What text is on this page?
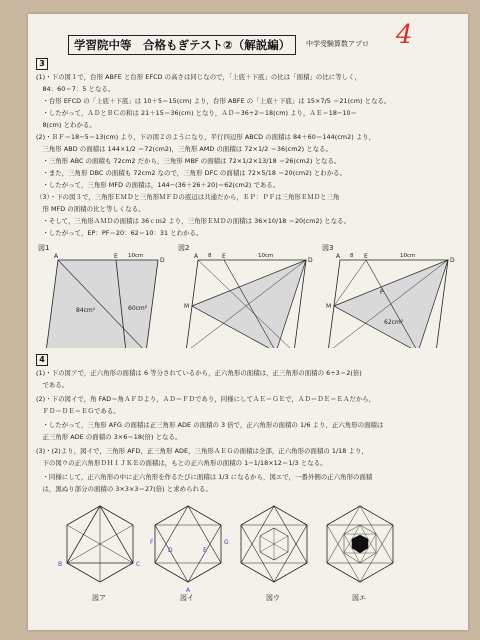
学習院中等　合格もぎテスト②（解説編）	中学受験算数アプロ 4
3
(1)・下の図１で，台形 ABFE と台形 EFCD の高さは同じなので，「上底＋下底」の比は「面積」の比に等しく，
　84：60＝7：5 となる。
　・台形 EFCD の「上底＋下底」は 10＋5＝15(cm) より，台形 ABFE の「上底＋下底」は 15×7/5 ＝21(cm) となる。
　・したがって，ＡＤとＢＣの和は 21＋15＝36(cm) となり，ＡＤ＝36÷2＝18(cm) より，ＡＥ＝18−10＝
　8(cm) とわかる。
(2)・ＢＦ＝18−5＝13(cm) より，下の図２のようになり，平行四辺形 ABCD の面積は 84＋60＝144(cm2) より，
　三角形 ABD の面積は 144×1/2 ＝72(cm2)，三角形 AMD の面積は 72×1/2 ＝36(cm2) となる。
　・三角形 ABC の面積も 72cm2 だから，三角形 MBF の面積は 72×1/2×13/18 ＝26(cm2) となる。
　・また，三角形 DBC の面積も 72cm2 なので，三角形 DFC の面積は 72×5/18 ＝20(cm2) とわかる。
　・したがって，三角形 MFD の面積は，144−(36＋26＋20)＝62(cm2) である。
（3）・下の図３で，三角形ＥＭＤと三角形ＭＦＤの底辺は共通だから，ＥＰ：ＰＦは三角形ＥＭＤと三角
　形 MFD の面積の比と等しくなる。
　・そして，三角形ＡＭＤの面積は 36ｃｍ2 より，三角形ＥＭＤの面積は 36×10/18 ＝20(cm2) となる。
　・したがって，EP：PF＝20：62＝10：31 とわかる。
図1
A	E
D
10cm
84cm²	60cm²
図2
A	E
D
M
8	10cm
図3
A	E
D
M
P
8	10cm
62cm²
4
(1)・下の図アで，正六角形の面積は 6 等分されているから，正六角形の面積は，正三角形の面積の 6÷3＝2(倍)
　である。
(2)・下の図イで，角 FAD＝角ＡＦＤより，ＡＤ＝ＦＤであり，同様にしてＡＥ＝ＧＥで，ＡＤ＝ＤＥ＝ＥＡだから，
　ＦＤ＝ＤＥ＝ＥＧである。
　・したがって，三角形 AFG の面積は正三角形 ADE の面積の 3 倍で，正六角形の面積の 1/6 より，正六角形の面積は
　正三角形 ADE の面積の 3×6＝18(倍) となる。
(3)・(2)より，図イで，三角形 AFD，正三角形 ADE，三角形ＡＥＧの面積は全部，正六角形の面積の 1/18 より，
　下の図ウの正六角形ＤＨＩＪＫＥの面積は，もとの正六角形の面積の 1−1/18×12＝1/3 となる。
　・同様にして，正六角形の中に正六角形を作るたびに面積は 1/3 になるから，図エで，一番外側の正六角形の面積
　は，黒ぬり部分の面積の 3×3×3＝27(倍) と求められる。
B	C
図ア
F	G
D	E
A
図イ	図ウ	図エ
